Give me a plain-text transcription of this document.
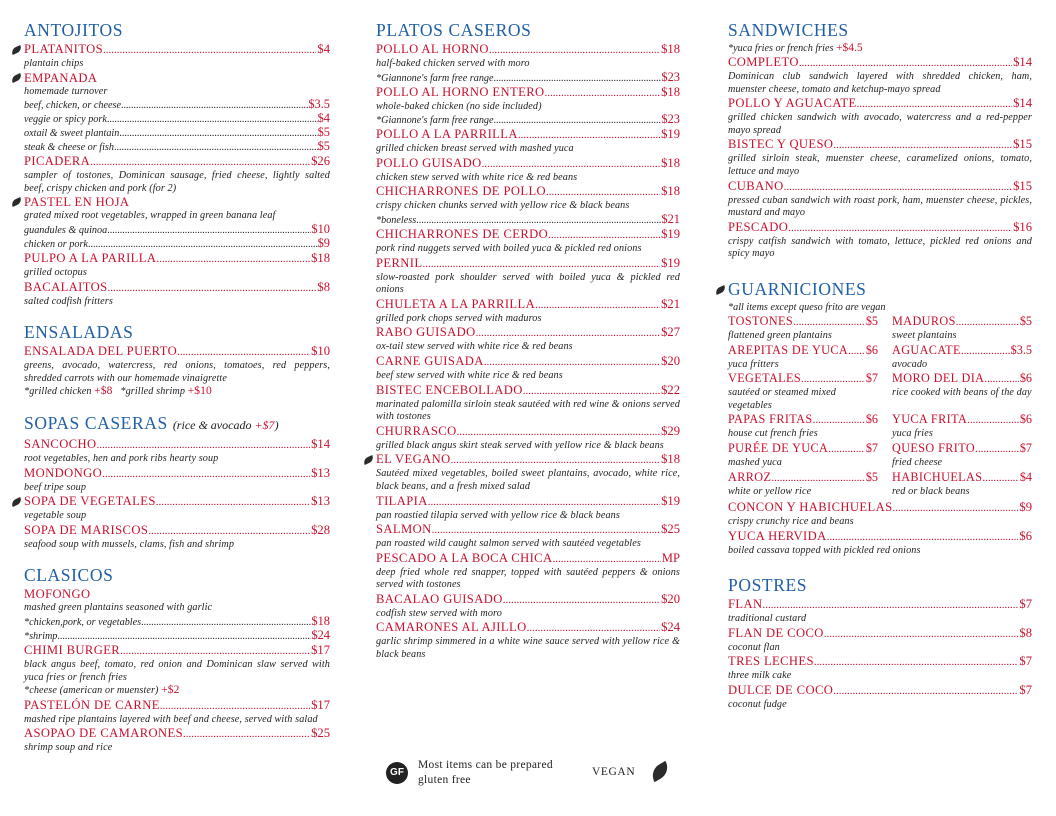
ANTOJITOS
PLATANITOS .....	$4
plantain chips
EMPANADA
homemade turnover
beef, chicken, or cheese .....	$3.5
veggie or spicy pork .....	$4
oxtail & sweet plantain .....	$5
steak & cheese or fish .....	$5
PICADERA .....	$26
sampler of tostones, Dominican sausage, fried cheese, lightly salted beef, crispy chicken and pork (for 2)
PASTEL EN HOJA
grated mixed root vegetables, wrapped in green banana leaf
guandules & quinoa .....	$10
chicken or pork .....	$9
PULPO A LA PARILLA .....	$18
grilled octopus
BACALAITOS .....	$8
salted codfish fritters
ENSALADAS
ENSALADA DEL PUERTO .....	$10
greens, avocado, watercress, red onions, tomatoes, red peppers, shredded carrots with our homemade vinaigrette
*grilled chicken +$8 *grilled shrimp +$10
SOPAS CASERAS (rice & avocado +$7)
SANCOCHO .....	$14
root vegetables, hen and pork ribs hearty soup
MONDONGO .....	$13
beef tripe soup
SOPA DE VEGETALES .....	$13
vegetable soup
SOPA DE MARISCOS .....	$28
seafood soup with mussels, clams, fish and shrimp
CLASICOS
MOFONGO
mashed green plantains seasoned with garlic
*chicken,pork, or vegetables .....	$18
*shrimp .....	$24
CHIMI BURGER .....	$17
black angus beef, tomato, red onion and Dominican slaw served with yuca fries or french fries
*cheese (american or muenster) +$2
PASTELÓN DE CARNE .....	$17
mashed ripe plantains layered with beef and cheese, served with salad
ASOPAO DE CAMARONES .....	$25
shrimp soup and rice
PLATOS CASEROS
POLLO AL HORNO .....	$18
half-baked chicken served with moro
*Giannone's farm free range .....	$23
POLLO AL HORNO ENTERO .....	$18
whole-baked chicken (no side included)
*Giannone's farm free range .....	$23
POLLO A LA PARRILLA .....	$19
grilled chicken breast served with mashed yuca
POLLO GUISADO .....	$18
chicken stew served with white rice & red beans
CHICHARRONES DE POLLO .....	$18
crispy chicken chunks served with yellow rice & black beans
*boneless .....	$21
CHICHARRONES DE CERDO .....	$19
pork rind nuggets served with boiled yuca & pickled red onions
PERNIL .....	$19
slow-roasted pork shoulder served with boiled yuca & pickled red onions
CHULETA A LA PARRILLA .....	$21
grilled pork chops served with maduros
RABO GUISADO .....	$27
ox-tail stew served with white rice & red beans
CARNE GUISADA .....	$20
beef stew served with white rice & red beans
BISTEC ENCEBOLLADO .....	$22
marinated palomilla sirloin steak sautéed with red wine & onions served with tostones
CHURRASCO .....	$29
grilled black angus skirt steak served with yellow rice & black beans
EL VEGANO .....	$18
Sautéed mixed vegetables, boiled sweet plantains, avocado, white rice, black beans, and a fresh mixed salad
TILAPIA .....	$19
pan roastied tilapia served with yellow rice & black beans
SALMON .....	$25
pan roasted wild caught salmon served with sautéed vegetables
PESCADO A LA BOCA CHICA .....	MP
deep fried whole red snapper, topped with sautéed peppers & onions served with tostones
BACALAO GUISADO .....	$20
codfish stew served with moro
CAMARONES AL AJILLO .....	$24
garlic shrimp simmered in a white wine sauce served with yellow rice & black beans
GF
Most items can be prepared gluten free
VEGAN
SANDWICHES
*yuca fries or french fries +$4.5
COMPLETO .....	$14
Dominican club sandwich layered with shredded chicken, ham, muenster cheese, tomato and ketchup-mayo spread
POLLO Y AGUACATE .....	$14
grilled chicken sandwich with avocado, watercress and a red-pepper mayo spread
BISTEC Y QUESO .....	$15
grilled sirloin steak, muenster cheese, caramelized onions, tomato, lettuce and mayo
CUBANO .....	$15
pressed cuban sandwich with roast pork, ham, muenster cheese, pickles, mustard and mayo
PESCADO .....	$16
crispy catfish sandwich with tomato, lettuce, pickled red onions and spicy mayo
GUARNICIONES
*all items except queso frito are vegan
TOSTONES .....	$5
flattened green plantains
MADUROS .....	$5
sweet plantains
AREPITAS DE YUCA ..... $6
yuca fritters
AGUACATE .....	$3.5
avocado
VEGETALES .....	$7
sautéed or steamed mixed vegetables
MORO DEL DIA .....	$6
rice cooked with beans of the day
PAPAS FRITAS .....	$6
house cut french fries
YUCA FRITA .....	$6
yuca fries
PURÉE DE YUCA .....	$7
mashed yuca
QUESO FRITO .....	$7
fried cheese
ARROZ .....	$5
white or yellow rice
HABICHUELAS .....	$4
red or black beans
CONCON Y HABICHUELAS .....	$9
crispy crunchy rice and beans
YUCA HERVIDA .....	$6
boiled cassava topped with pickled red onions
POSTRES
FLAN .....	$7
traditional custard
FLAN DE COCO .....	$8
coconut flan
TRES LECHES .....	$7
three milk cake
DULCE DE COCO .....	$7
coconut fudge
